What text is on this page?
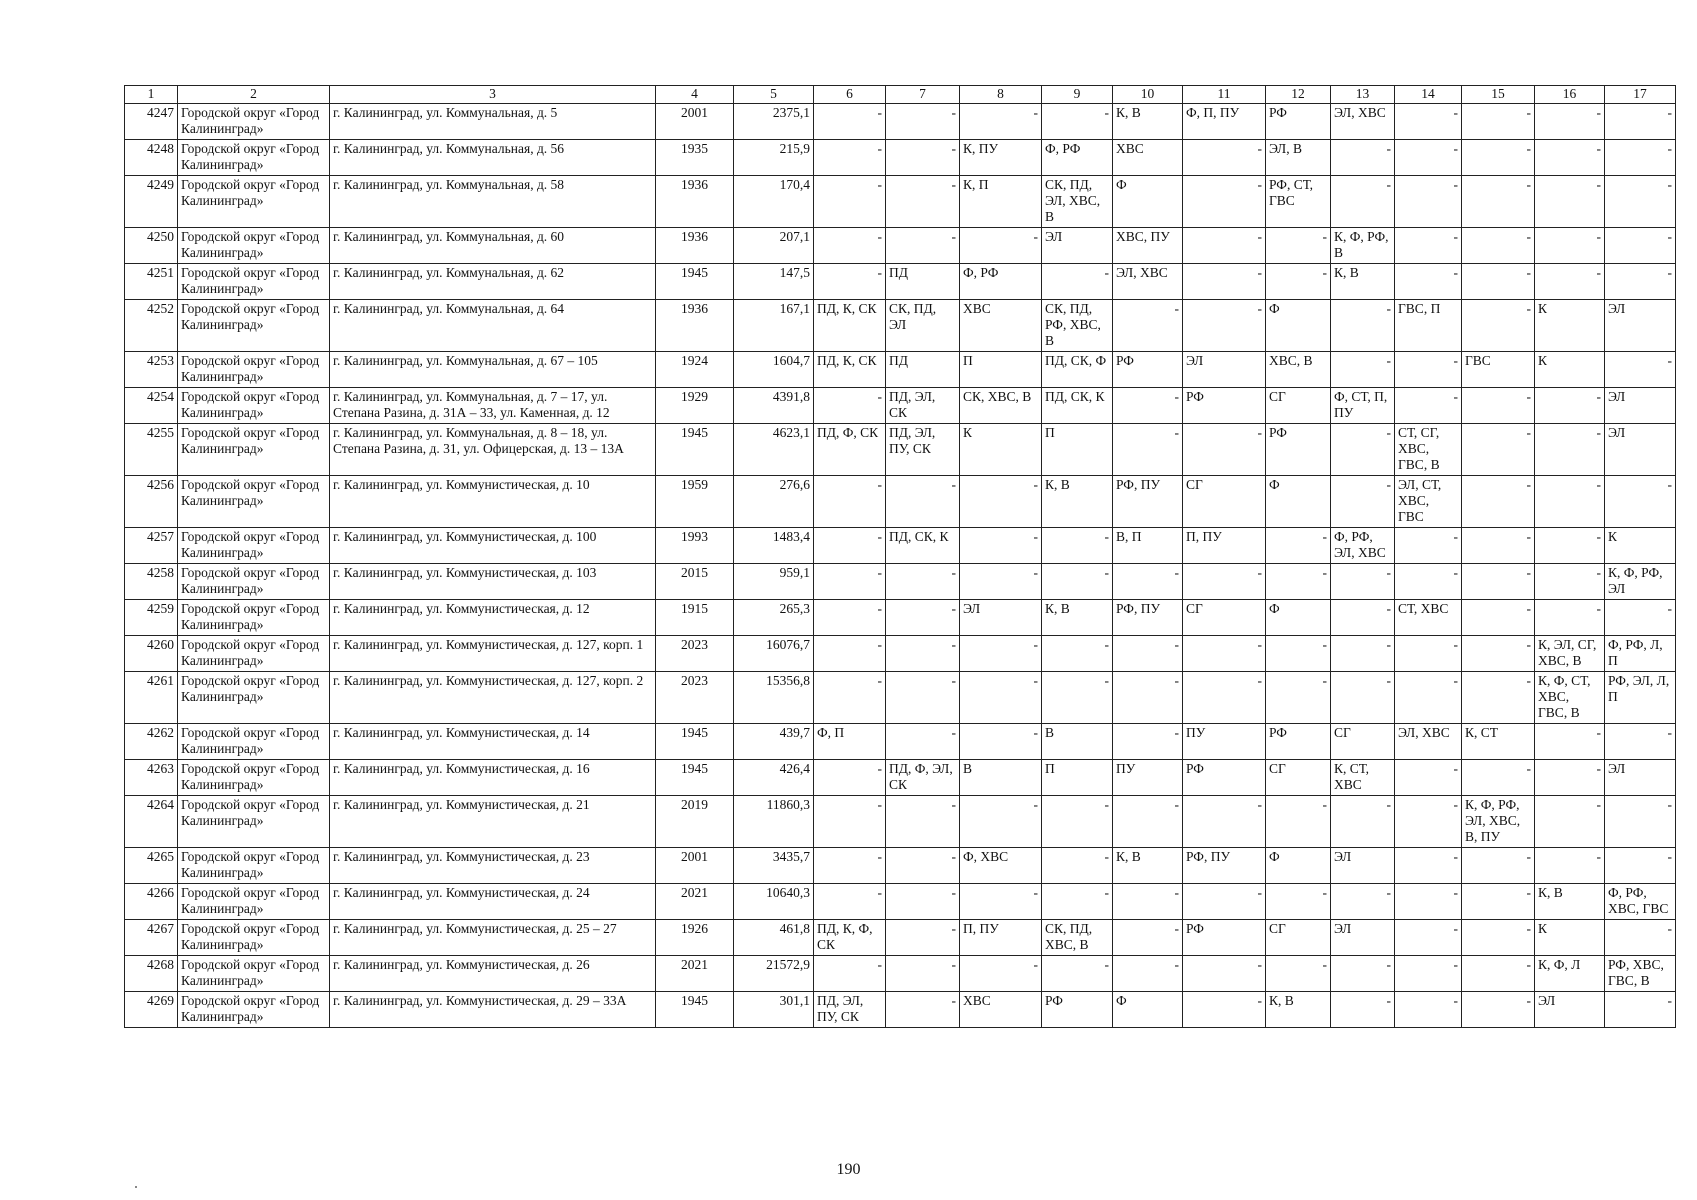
1	2	3	4	5	6	7	8	9	10	11	12	13	14	15	16	17
4247	Городской округ «Город Калининград»	г. Калининград, ул. Коммунальная, д. 5	2001	2375,1	-	-	-	-	К, В	Ф, П, ПУ	РФ	ЭЛ, ХВС	-	-	-	-
4248	Городской округ «Город Калининград»	г. Калининград, ул. Коммунальная, д. 56	1935	215,9	-	-	К, ПУ	Ф, РФ	ХВС	-	ЭЛ, В	-	-	-	-	-
4249	Городской округ «Город Калининград»	г. Калининград, ул. Коммунальная, д. 58	1936	170,4	-	-	К, П	СК, ПД, ЭЛ, ХВС, В	Ф	-	РФ, СТ, ГВС	-	-	-	-	-
4250	Городской округ «Город Калининград»	г. Калининград, ул. Коммунальная, д. 60	1936	207,1	-	-	-	ЭЛ	ХВС, ПУ	-	-	К, Ф, РФ, В	-	-	-	-
4251	Городской округ «Город Калининград»	г. Калининград, ул. Коммунальная, д. 62	1945	147,5	-	ПД	Ф, РФ	-	ЭЛ, ХВС	-	-	К, В	-	-	-	-
4252	Городской округ «Город Калининград»	г. Калининград, ул. Коммунальная, д. 64	1936	167,1	ПД, К, СК	СК, ПД, ЭЛ	ХВС	СК, ПД, РФ, ХВС, В	-	-	Ф	-	ГВС, П	-	К	ЭЛ
4253	Городской округ «Город Калининград»	г. Калининград, ул. Коммунальная, д. 67 – 105	1924	1604,7	ПД, К, СК	ПД	П	ПД, СК, Ф	РФ	ЭЛ	ХВС, В	-	-	ГВС	К	-
4254	Городской округ «Город Калининград»	г. Калининград, ул. Коммунальная, д. 7 – 17, ул. Степана Разина, д. 31А – 33, ул. Каменная, д. 12	1929	4391,8	-	ПД, ЭЛ, СК	СК, ХВС, В	ПД, СК, К	-	РФ	СГ	Ф, СТ, П, ПУ	-	-	-	ЭЛ
4255	Городской округ «Город Калининград»	г. Калининград, ул. Коммунальная, д. 8 – 18, ул. Степана Разина, д. 31, ул. Офицерская, д. 13 – 13А	1945	4623,1	ПД, Ф, СК	ПД, ЭЛ, ПУ, СК	К	П	-	-	РФ	-	СТ, СГ, ХВС, ГВС, В	-	-	ЭЛ
4256	Городской округ «Город Калининград»	г. Калининград, ул. Коммунистическая, д. 10	1959	276,6	-	-	-	К, В	РФ, ПУ	СГ	Ф	-	ЭЛ, СТ, ХВС, ГВС	-	-	-
4257	Городской округ «Город Калининград»	г. Калининград, ул. Коммунистическая, д. 100	1993	1483,4	-	ПД, СК, К	-	-	В, П	П, ПУ	-	Ф, РФ, ЭЛ, ХВС	-	-	-	К
4258	Городской округ «Город Калининград»	г. Калининград, ул. Коммунистическая, д. 103	2015	959,1	-	-	-	-	-	-	-	-	-	-	-	К, Ф, РФ, ЭЛ
4259	Городской округ «Город Калининград»	г. Калининград, ул. Коммунистическая, д. 12	1915	265,3	-	-	ЭЛ	К, В	РФ, ПУ	СГ	Ф	-	СТ, ХВС	-	-	-
4260	Городской округ «Город Калининград»	г. Калининград, ул. Коммунистическая, д. 127, корп. 1	2023	16076,7	-	-	-	-	-	-	-	-	-	-	К, ЭЛ, СГ, ХВС, В	Ф, РФ, Л, П
4261	Городской округ «Город Калининград»	г. Калининград, ул. Коммунистическая, д. 127, корп. 2	2023	15356,8	-	-	-	-	-	-	-	-	-	-	К, Ф, СТ, ХВС, ГВС, В	РФ, ЭЛ, Л, П
4262	Городской округ «Город Калининград»	г. Калининград, ул. Коммунистическая, д. 14	1945	439,7	Ф, П	-	-	В	-	ПУ	РФ	СГ	ЭЛ, ХВС	К, СТ	-	-
4263	Городской округ «Город Калининград»	г. Калининград, ул. Коммунистическая, д. 16	1945	426,4	-	ПД, Ф, ЭЛ, СК	В	П	ПУ	РФ	СГ	К, СТ, ХВС	-	-	-	ЭЛ
4264	Городской округ «Город Калининград»	г. Калининград, ул. Коммунистическая, д. 21	2019	11860,3	-	-	-	-	-	-	-	-	-	К, Ф, РФ, ЭЛ, ХВС, В, ПУ	-	-
4265	Городской округ «Город Калининград»	г. Калининград, ул. Коммунистическая, д. 23	2001	3435,7	-	-	Ф, ХВС	-	К, В	РФ, ПУ	Ф	ЭЛ	-	-	-	-
4266	Городской округ «Город Калининград»	г. Калининград, ул. Коммунистическая, д. 24	2021	10640,3	-	-	-	-	-	-	-	-	-	-	К, В	Ф, РФ, ХВС, ГВС
4267	Городской округ «Город Калининград»	г. Калининград, ул. Коммунистическая, д. 25 – 27	1926	461,8	ПД, К, Ф, СК	-	П, ПУ	СК, ПД, ХВС, В	-	РФ	СГ	ЭЛ	-	-	К	-
4268	Городской округ «Город Калининград»	г. Калининград, ул. Коммунистическая, д. 26	2021	21572,9	-	-	-	-	-	-	-	-	-	-	К, Ф, Л	РФ, ХВС, ГВС, В
4269	Городской округ «Город Калининград»	г. Калининград, ул. Коммунистическая, д. 29 – 33А	1945	301,1	ПД, ЭЛ, ПУ, СК	-	ХВС	РФ	Ф	-	К, В	-	-	-	ЭЛ	-
190
